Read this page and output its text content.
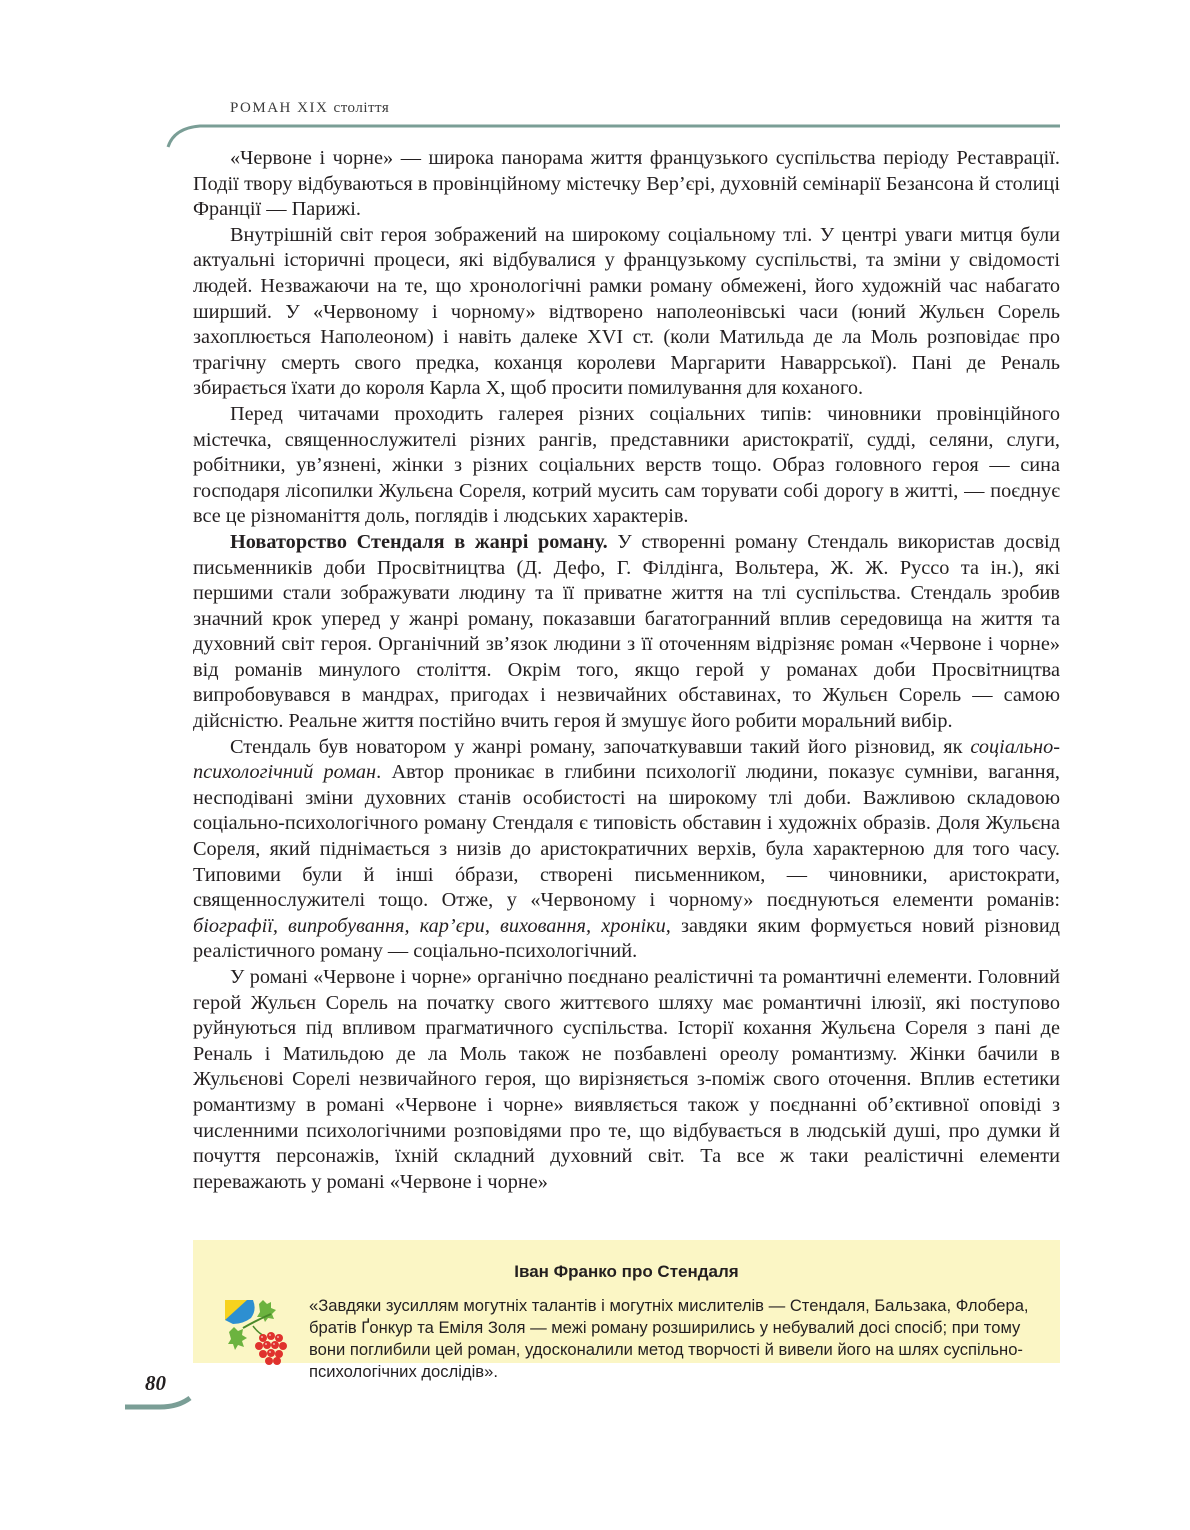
РОМАН XIX століття

«Червоне і чорне» — широка панорама життя французького суспільства періоду Реставрації. Події твору відбуваються в провінційному містечку Вер’єрі, духовній семінарії Безансона й столиці Франції — Парижі.

Внутрішній світ героя зображений на широкому соціальному тлі. У центрі уваги митця були актуальні історичні процеси, які відбувалися у французькому суспільстві, та зміни у свідомості людей. Незважаючи на те, що хронологічні рамки роману обмежені, його художній час набагато ширший. У «Червоному і чорному» відтворено наполеонівські часи (юний Жульєн Сорель захоплюється Наполеоном) і навіть далеке XVI ст. (коли Матильда де ла Моль розповідає про трагічну смерть свого предка, коханця королеви Маргарити Наваррської). Пані де Реналь збирається їхати до короля Карла Х, щоб просити помилування для коханого.

Перед читачами проходить галерея різних соціальних типів: чиновники провінційного містечка, священнослужителі різних рангів, представники аристократії, судді, селяни, слуги, робітники, ув’язнені, жінки з різних соціальних верств тощо. Образ головного героя — сина господаря лісопилки Жульєна Сореля, котрий мусить сам торувати собі дорогу в житті, — поєднує все це різноманіття доль, поглядів і людських характерів.

Новаторство Стендаля в жанрі роману. У створенні роману Стендаль використав досвід письменників доби Просвітництва (Д. Дефо, Г. Філдінга, Вольтера, Ж. Ж. Руссо та ін.), які першими стали зображувати людину та її приватне життя на тлі суспільства. Стендаль зробив значний крок уперед у жанрі роману, показавши багатогранний вплив середовища на життя та духовний світ героя. Органічний зв’язок людини з її оточенням відрізняє роман «Червоне і чорне» від романів минулого століття. Окрім того, якщо герой у романах доби Просвітництва випробовувався в мандрах, пригодах і незвичайних обставинах, то Жульєн Сорель — самою дійсністю. Реальне життя постійно вчить героя й змушує його робити моральний вибір.

Стендаль був новатором у жанрі роману, започаткувавши такий його різновид, як соціально-психологічний роман. Автор проникає в глибини психології людини, показує сумніви, вагання, несподівані зміни духовних станів особистості на широкому тлі доби. Важливою складовою соціально-психологічного роману Стендаля є типовість обставин і художніх образів. Доля Жульєна Сореля, який піднімається з низів до аристократичних верхів, була характерною для того часу. Типовими були й інші óбрази, створені письменником, — чиновники, аристократи, священнослужителі тощо. Отже, у «Червоному і чорному» поєднуються елементи романів: біографії, випробування, кар’єри, виховання, хроніки, завдяки яким формується новий різновид реалістичного роману — соціально-психологічний.

У романі «Червоне і чорне» органічно поєднано реалістичні та романтичні елементи. Головний герой Жульєн Сорель на початку свого життєвого шляху має романтичні ілюзії, які поступово руйнуються під впливом прагматичного суспільства. Історії кохання Жульєна Сореля з пані де Реналь і Матильдою де ла Моль також не позбавлені ореолу романтизму. Жінки бачили в Жульєнові Сорелі незвичайного героя, що вирізняється з-поміж свого оточення. Вплив естетики романтизму в романі «Червоне і чорне» виявляється також у поєднанні об’єктивної оповіді з численними психологічними розповідями про те, що відбувається в людській душі, про думки й почуття персонажів, їхній складний духовний світ. Та все ж таки реалістичні елементи переважають у романі «Червоне і чорне»

Іван Франко про Стендаля
«Завдяки зусиллям могутніх талантів і могутніх мислителів — Стендаля, Бальзака, Флобера, братів Ґонкур та Еміля Золя — межі роману розширились у небувалий досі спосіб; при тому вони поглибили цей роман, удосконалили метод творчості й вивели його на шлях суспільно-психологічних дослідів».
80
